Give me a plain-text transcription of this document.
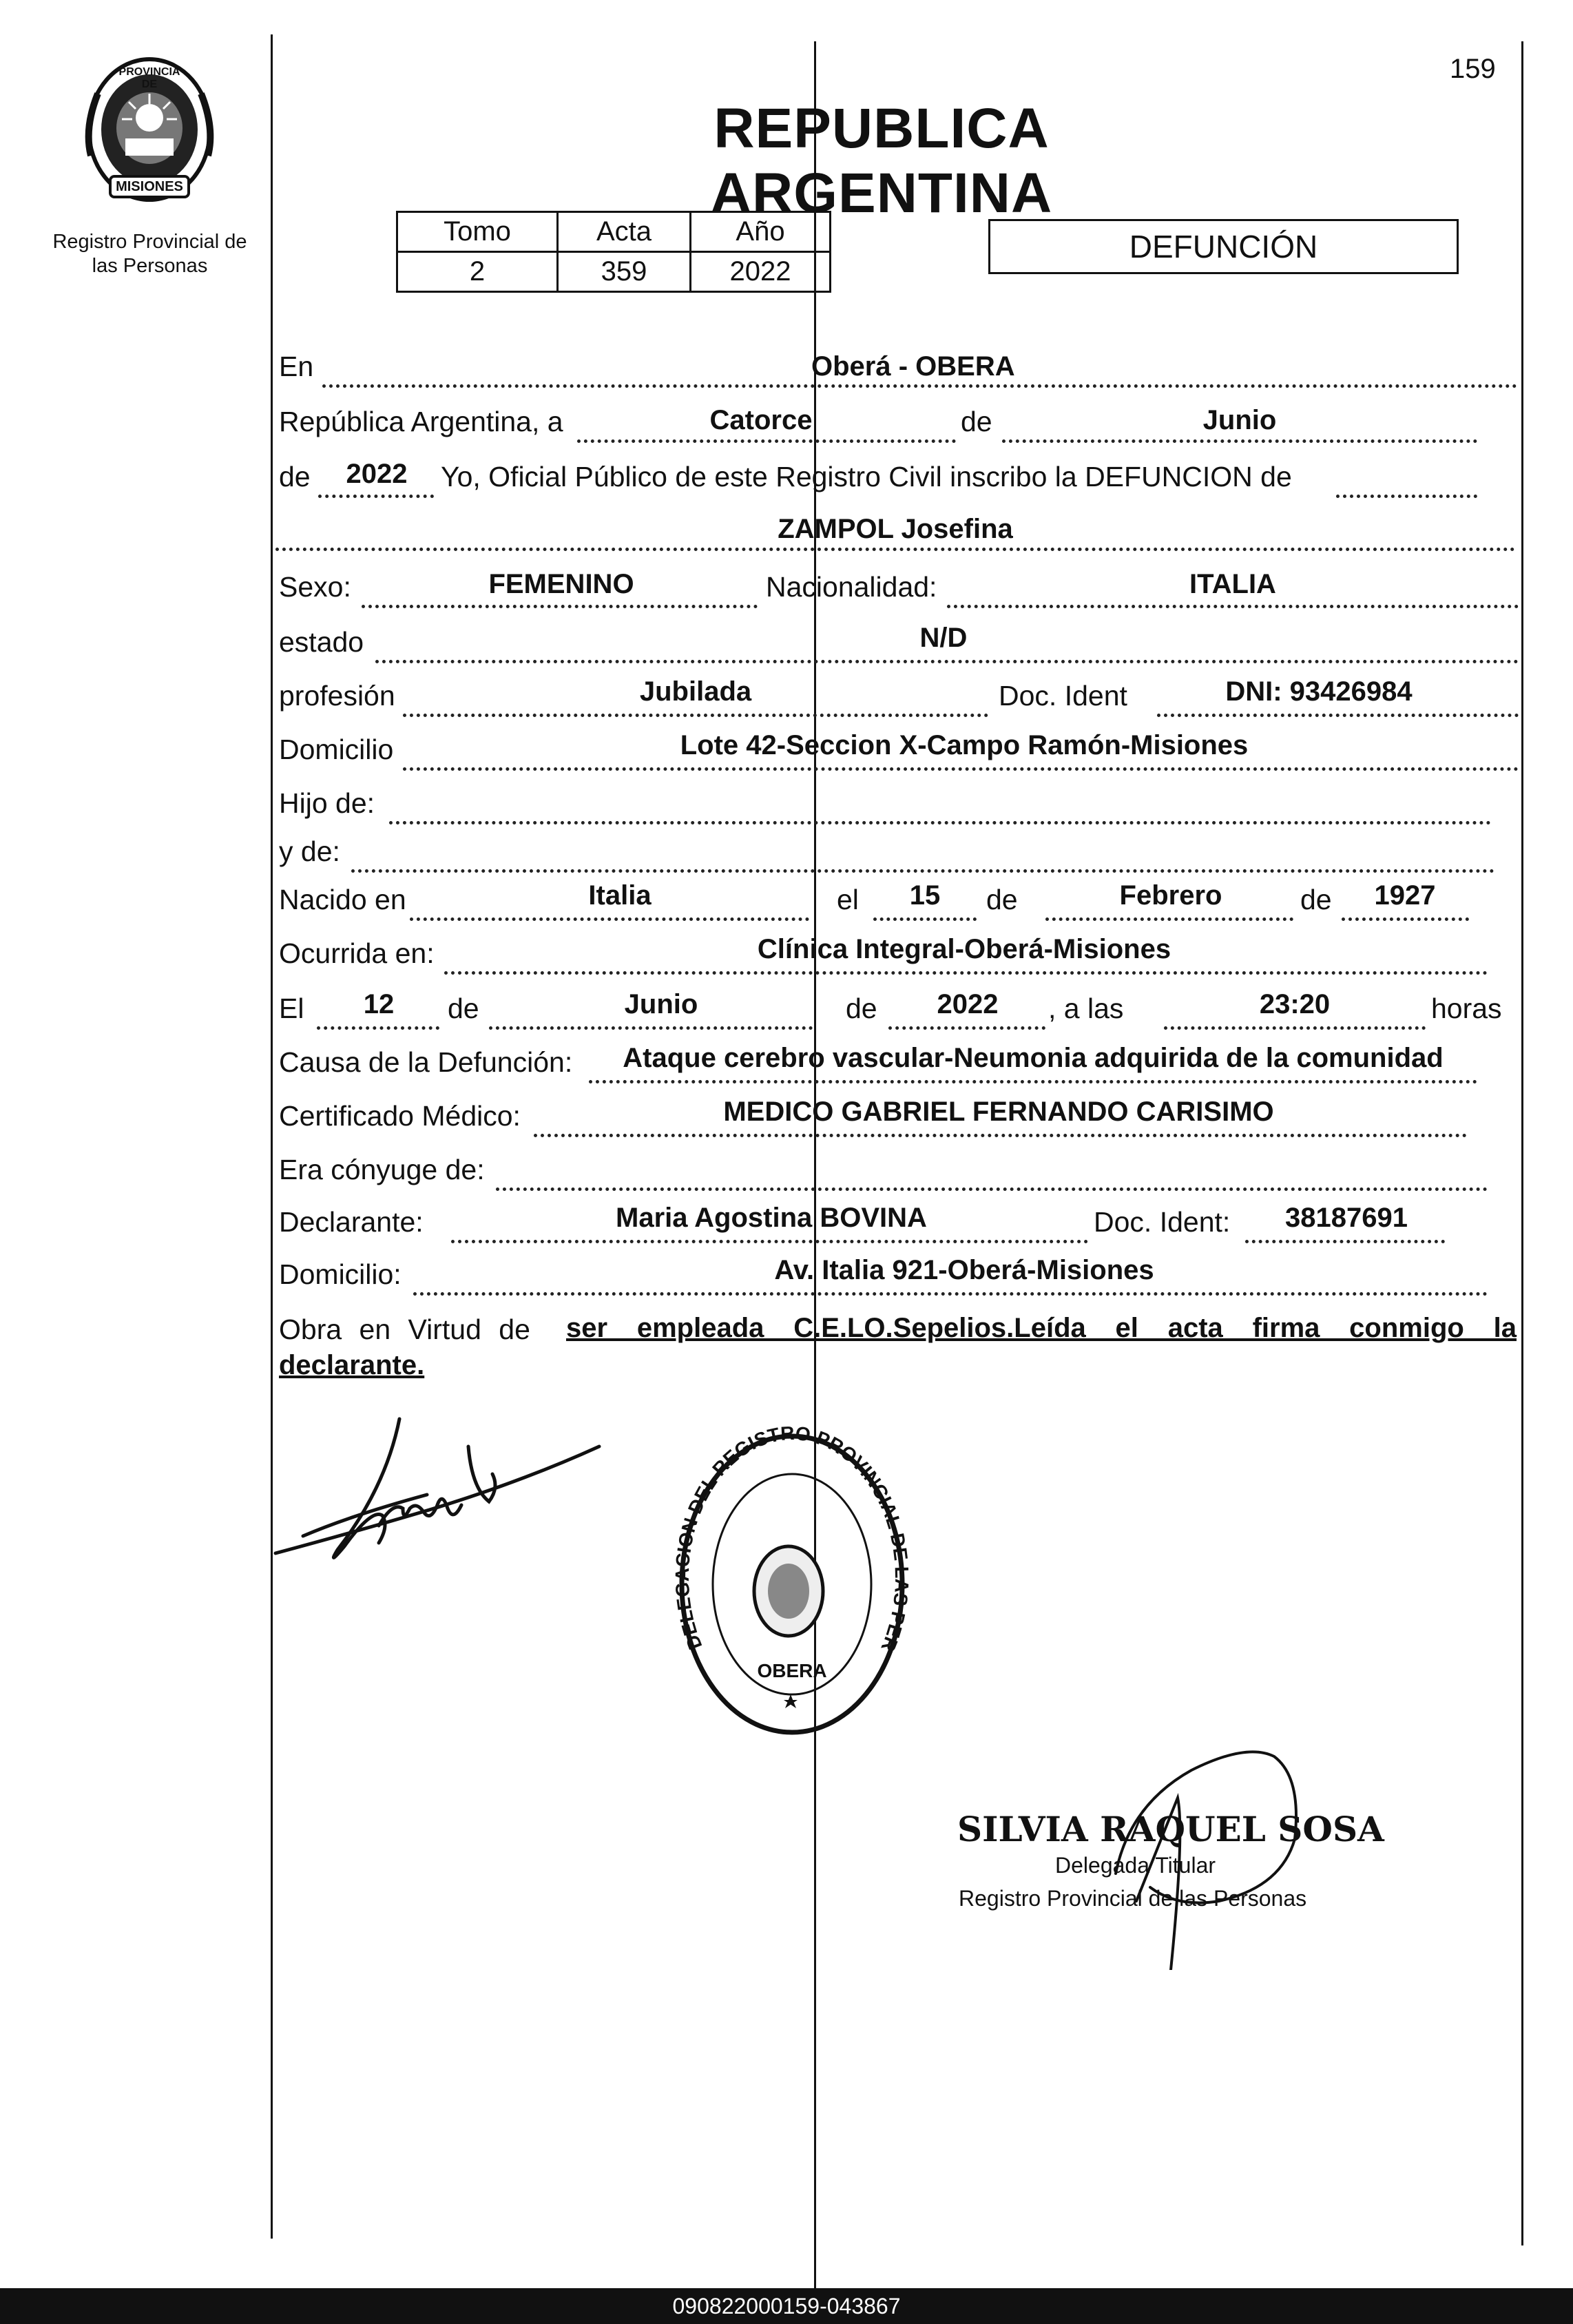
PROVINCIA DE
MISIONES
Registro Provincial de
las Personas
159
REPUBLICA ARGENTINA
Tomo	Acta	Año
2	359	2022
DEFUNCIÓN
En	Oberá - OBERA
República Argentina, a	Catorce	de	Junio
de	2022	Yo, Oficial Público de este Registro Civil inscribo la DEFUNCION de
ZAMPOL Josefina
Sexo:	FEMENINO	Nacionalidad:	ITALIA
estado	N/D
profesión	Jubilada	Doc. Ident	DNI: 93426984
Domicilio	Lote 42-Seccion X-Campo Ramón-Misiones
Hijo de:
y de:
Nacido en	Italia	el	15	de	Febrero	de	1927
Ocurrida en:	Clínica Integral-Oberá-Misiones
El	12	de	Junio	de	2022	, a las	23:20	horas
Causa de la Defunción:	Ataque cerebro vascular-Neumonia adquirida de la comunidad
Certificado Médico:	MEDICO GABRIEL FERNANDO CARISIMO
Era cónyuge de:
Declarante:	Maria Agostina BOVINA	Doc. Ident:	38187691
Domicilio:	Av. Italia 921-Oberá-Misiones
Obra en Virtud de ser empleada C.E.LO.Sepelios.Leída el acta firma conmigo la
declarante.
DEL ION DEL REGISTRO PROVINCIAL D PER
OBERA
SILVIA RAQUEL SOSA
Delegada Titular
Registro Provincial de las Personas
090822000159-043867
